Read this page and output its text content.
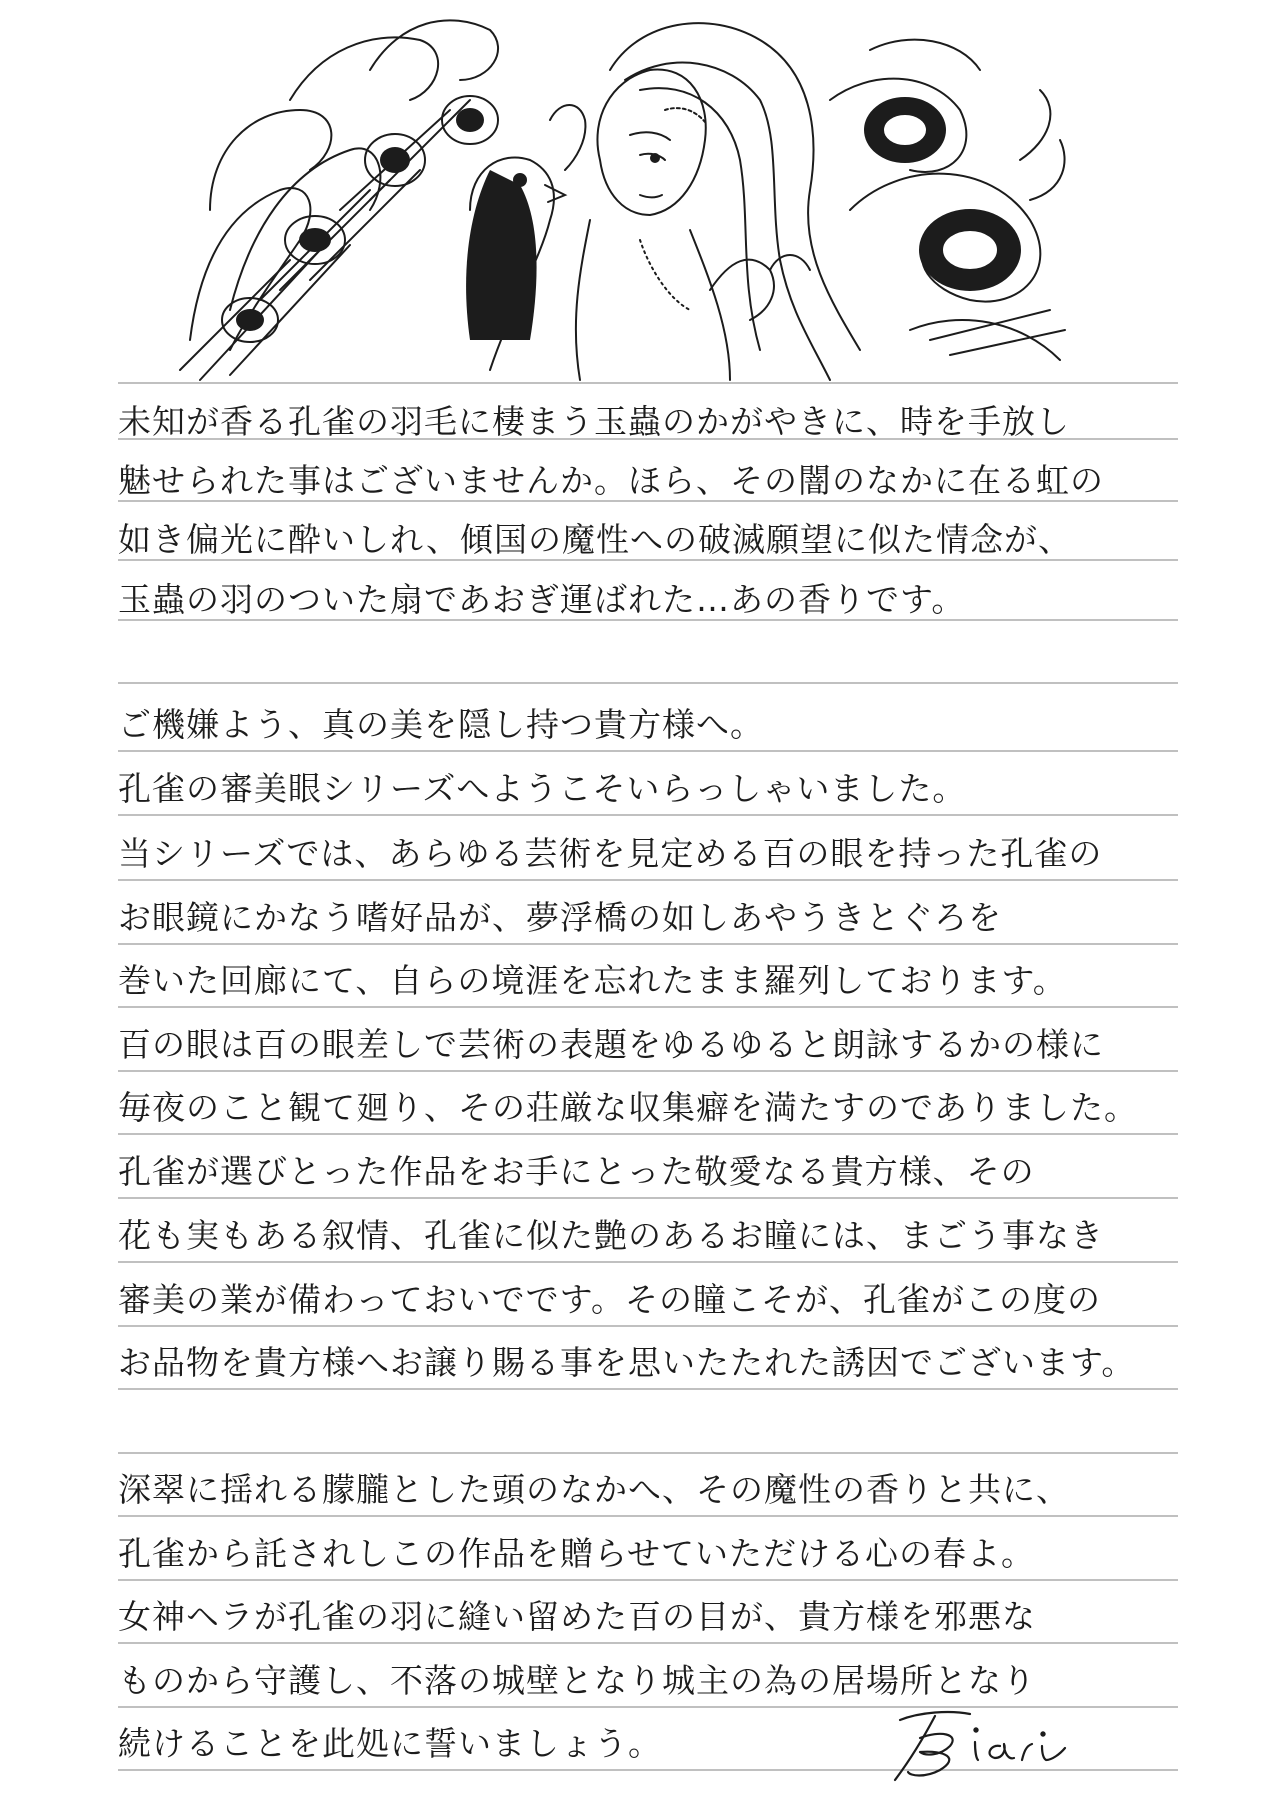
未知が香る孔雀の羽毛に棲まう玉蟲のかがやきに、時を手放し
魅せられた事はございませんか。ほら、その闇のなかに在る虹の
如き偏光に酔いしれ、傾国の魔性への破滅願望に似た情念が、
玉蟲の羽のついた扇であおぎ運ばれた…あの香りです。
ご機嫌よう、真の美を隠し持つ貴方様へ。
孔雀の審美眼シリーズへようこそいらっしゃいました。
当シリーズでは、あらゆる芸術を見定める百の眼を持った孔雀の
お眼鏡にかなう嗜好品が、夢浮橋の如しあやうきとぐろを
巻いた回廊にて、自らの境涯を忘れたまま羅列しております。
百の眼は百の眼差しで芸術の表題をゆるゆると朗詠するかの様に
毎夜のこと観て廻り、その荘厳な収集癖を満たすのでありました。
孔雀が選びとった作品をお手にとった敬愛なる貴方様、その
花も実もある叙情、孔雀に似た艶のあるお瞳には、まごう事なき
審美の業が備わっておいでです。その瞳こそが、孔雀がこの度の
お品物を貴方様へお譲り賜る事を思いたたれた誘因でございます。
深翠に揺れる朦朧とした頭のなかへ、その魔性の香りと共に、
孔雀から託されしこの作品を贈らせていただける心の春よ。
女神ヘラが孔雀の羽に縫い留めた百の目が、貴方様を邪悪な
ものから守護し、不落の城壁となり城主の為の居場所となり
続けることを此処に誓いましょう。
